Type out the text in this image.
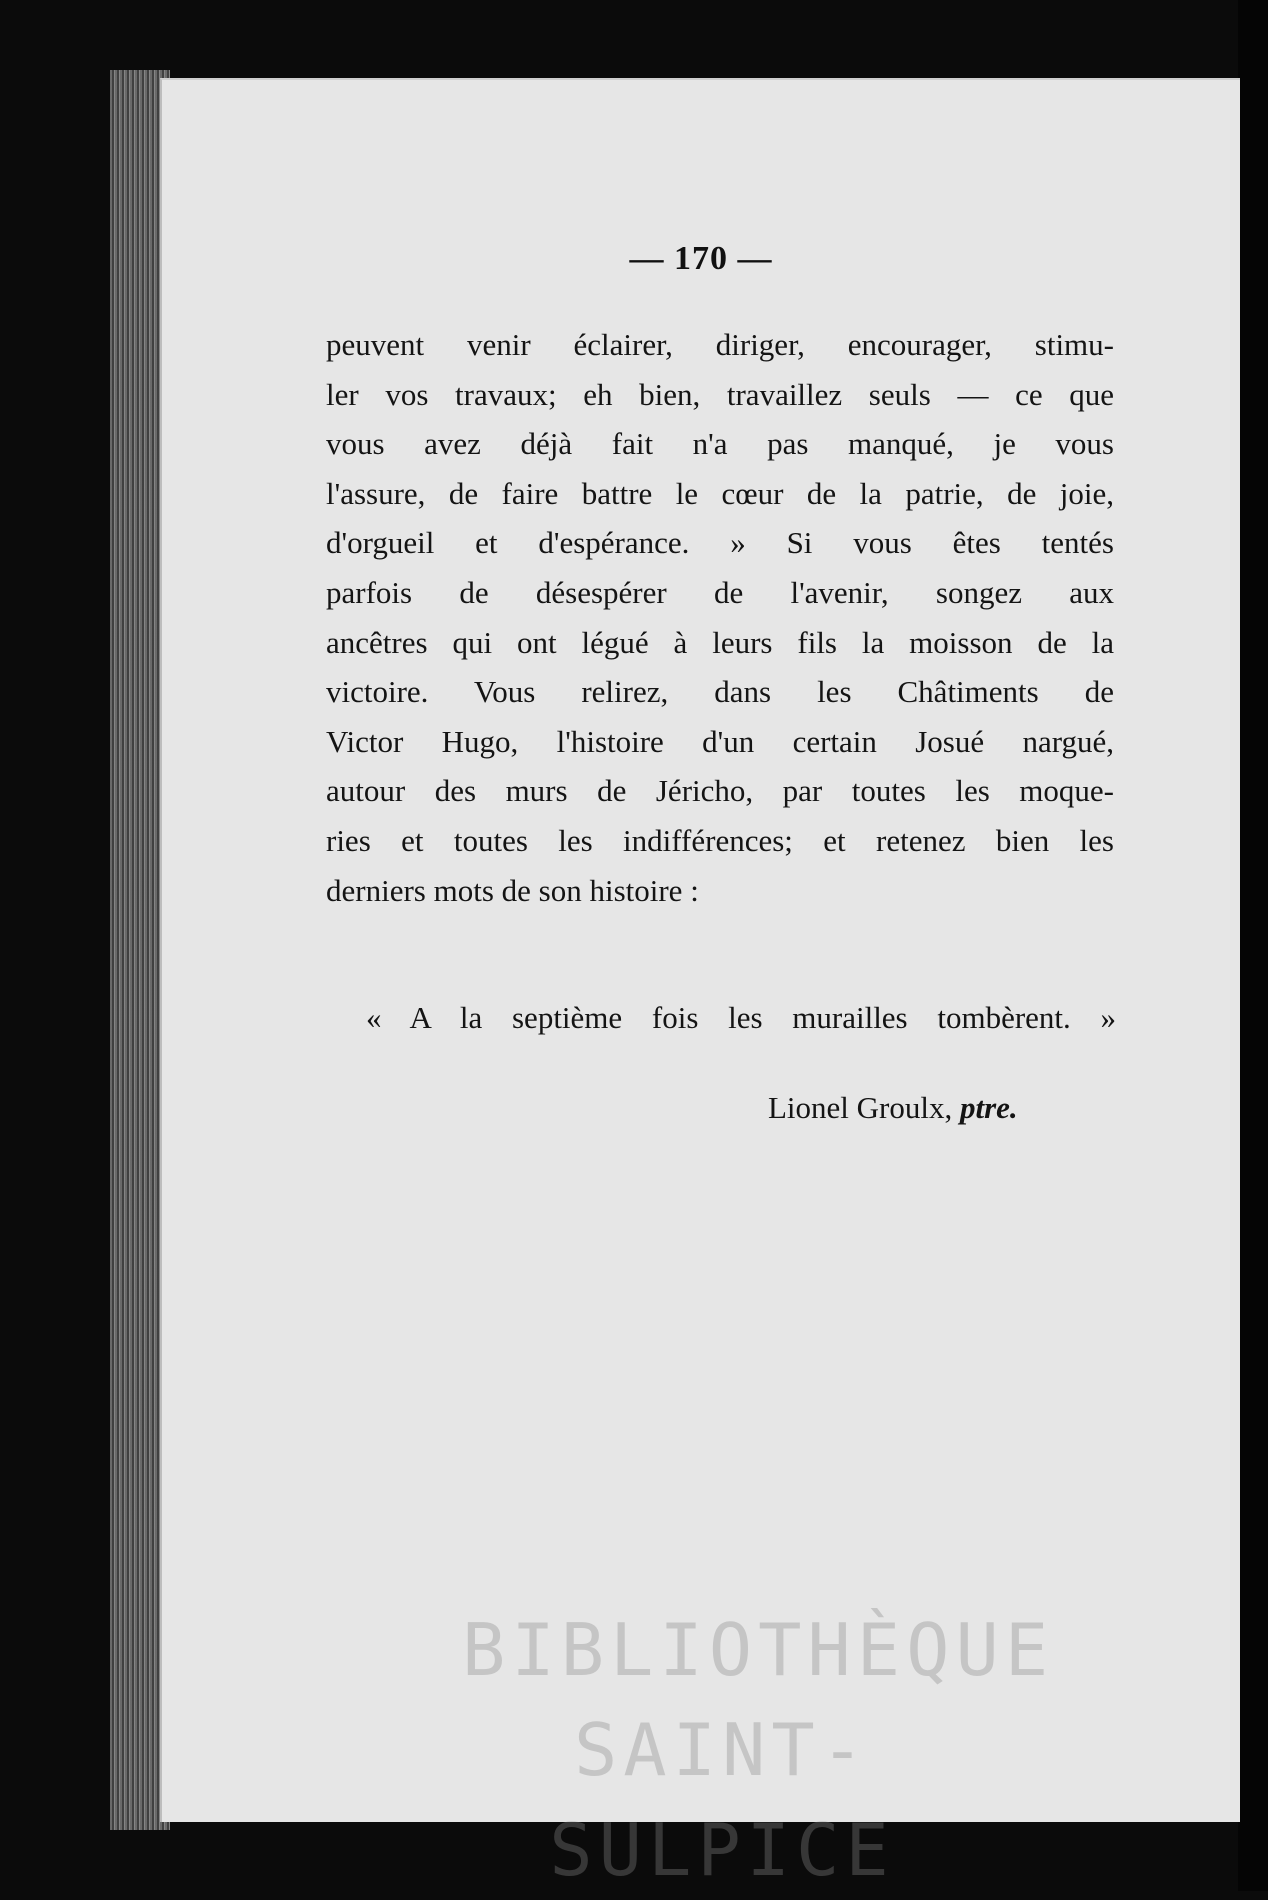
— 170 —
peuvent venir éclairer, diriger, encourager, stimu-
ler vos travaux; eh bien, travaillez seuls — ce que
vous avez déjà fait n'a pas manqué, je vous
l'assure, de faire battre le cœur de la patrie, de joie,
d'orgueil et d'espérance. » Si vous êtes tentés
parfois de désespérer de l'avenir, songez aux
ancêtres qui ont légué à leurs fils la moisson de la
victoire. Vous relirez, dans les Châtiments de
Victor Hugo, l'histoire d'un certain Josué nargué,
autour des murs de Jéricho, par toutes les moque-
ries et toutes les indifférences; et retenez bien les
derniers mots de son histoire :
« A la septième fois les murailles tombèrent. »
Lionel Groulx, ptre.
BIBLIOTHÈQUE SAINT-SULPICE
